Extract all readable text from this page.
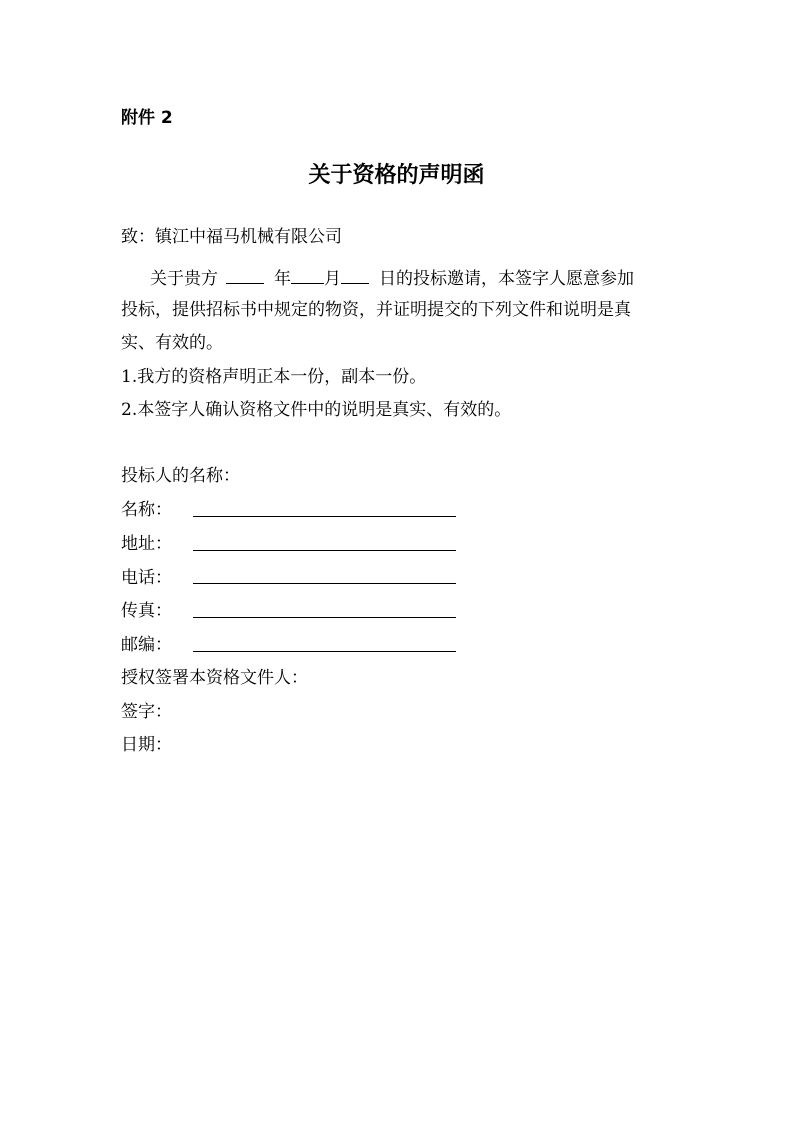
附件 2
关于资格的声明函
致：镇江中福马机械有限公司
关于贵方	年 月 日的投标邀请，本签字人愿意参加
投标，提供招标书中规定的物资，并证明提交的下列文件和说明是真
实、有效的。
1.我方的资格声明正本一份，副本一份。
2.本签字人确认资格文件中的说明是真实、有效的。
投标人的名称：
名称：
地址：
电话：
传真：
邮编：
授权签署本资格文件人：
签字：
日期：
